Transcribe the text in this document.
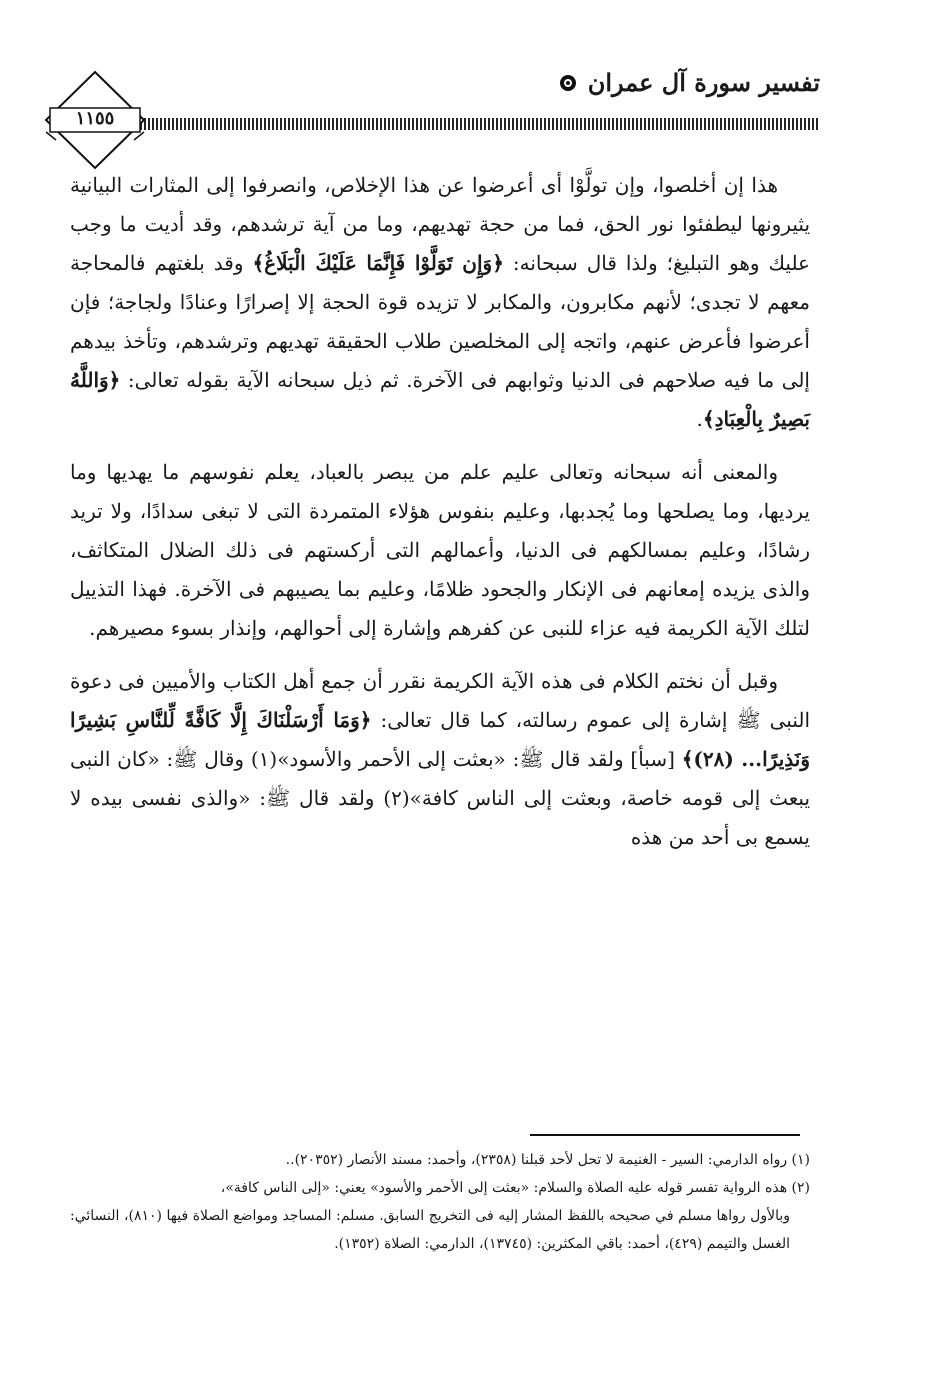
تفسير سورة آل عمران
١١٥٥

هذا إن أخلصوا، وإن تولَّوْا أى أعرضوا عن هذا الإخلاص، وانصرفوا إلى المثارات البيانية يثيرونها ليطفئوا نور الحق، فما من حجة تهديهم، وما من آية ترشدهم، وقد أديت ما وجب عليك وهو التبليغ؛ ولذا قال سبحانه: ﴿وَإِن تَوَلَّوْا فَإِنَّمَا عَلَيْكَ الْبَلَاغُ﴾ وقد بلغتهم فالمحاجة معهم لا تجدى؛ لأنهم مكابرون، والمكابر لا تزيده قوة الحجة إلا إصرارًا وعنادًا ولجاجة؛ فإن أعرضوا فأعرض عنهم، واتجه إلى المخلصين طلاب الحقيقة تهديهم وترشدهم، وتأخذ بيدهم إلى ما فيه صلاحهم فى الدنيا وثوابهم فى الآخرة. ثم ذيل سبحانه الآية بقوله تعالى: ﴿وَاللَّهُ بَصِيرٌ بِالْعِبَادِ﴾.

والمعنى أنه سبحانه وتعالى عليم علم من يبصر بالعباد، يعلم نفوسهم ما يهديها وما يرديها، وما يصلحها وما يُجدبها، وعليم بنفوس هؤلاء المتمردة التى لا تبغى سدادًا، ولا تريد رشادًا، وعليم بمسالكهم فى الدنيا، وأعمالهم التى أركستهم فى ذلك الضلال المتكاثف، والذى يزيده إمعانهم فى الإنكار والجحود ظلامًا، وعليم بما يصيبهم فى الآخرة. فهذا التذييل لتلك الآية الكريمة فيه عزاء للنبى عن كفرهم وإشارة إلى أحوالهم، وإنذار بسوء مصيرهم.

وقبل أن نختم الكلام فى هذه الآية الكريمة نقرر أن جمع أهل الكتاب والأميين فى دعوة النبى ﷺ إشارة إلى عموم رسالته، كما قال تعالى: ﴿وَمَا أَرْسَلْنَاكَ إِلَّا كَافَّةً لِّلنَّاسِ بَشِيرًا وَنَذِيرًا... (٢٨)﴾ [سبأ] ولقد قال ﷺ: «بعثت إلى الأحمر والأسود»(١) وقال ﷺ: «كان النبى يبعث إلى قومه خاصة، وبعثت إلى الناس كافة»(٢) ولقد قال ﷺ: «والذى نفسى بيده لا يسمع بى أحد من هذه

(١) رواه الدارمي: السير - الغنيمة لا تحل لأحد قبلنا (٢٣٥٨)، وأحمد: مسند الأنصار (٢٠٣٥٢)..

(٢) هذه الرواية تفسر قوله عليه الصلاة والسلام: «بعثت إلى الأحمر والأسود» يعني: «إلى الناس كافة»،

وبالأول رواها مسلم في صحيحه باللفظ المشار إليه فى التخريج السابق. مسلم: المساجد ومواضع الصلاة فيها (٨١٠)، النسائي: الغسل والتيمم (٤٢٩)، أحمد: باقي المكثرين: (١٣٧٤٥)، الدارمي: الصلاة (١٣٥٢).
